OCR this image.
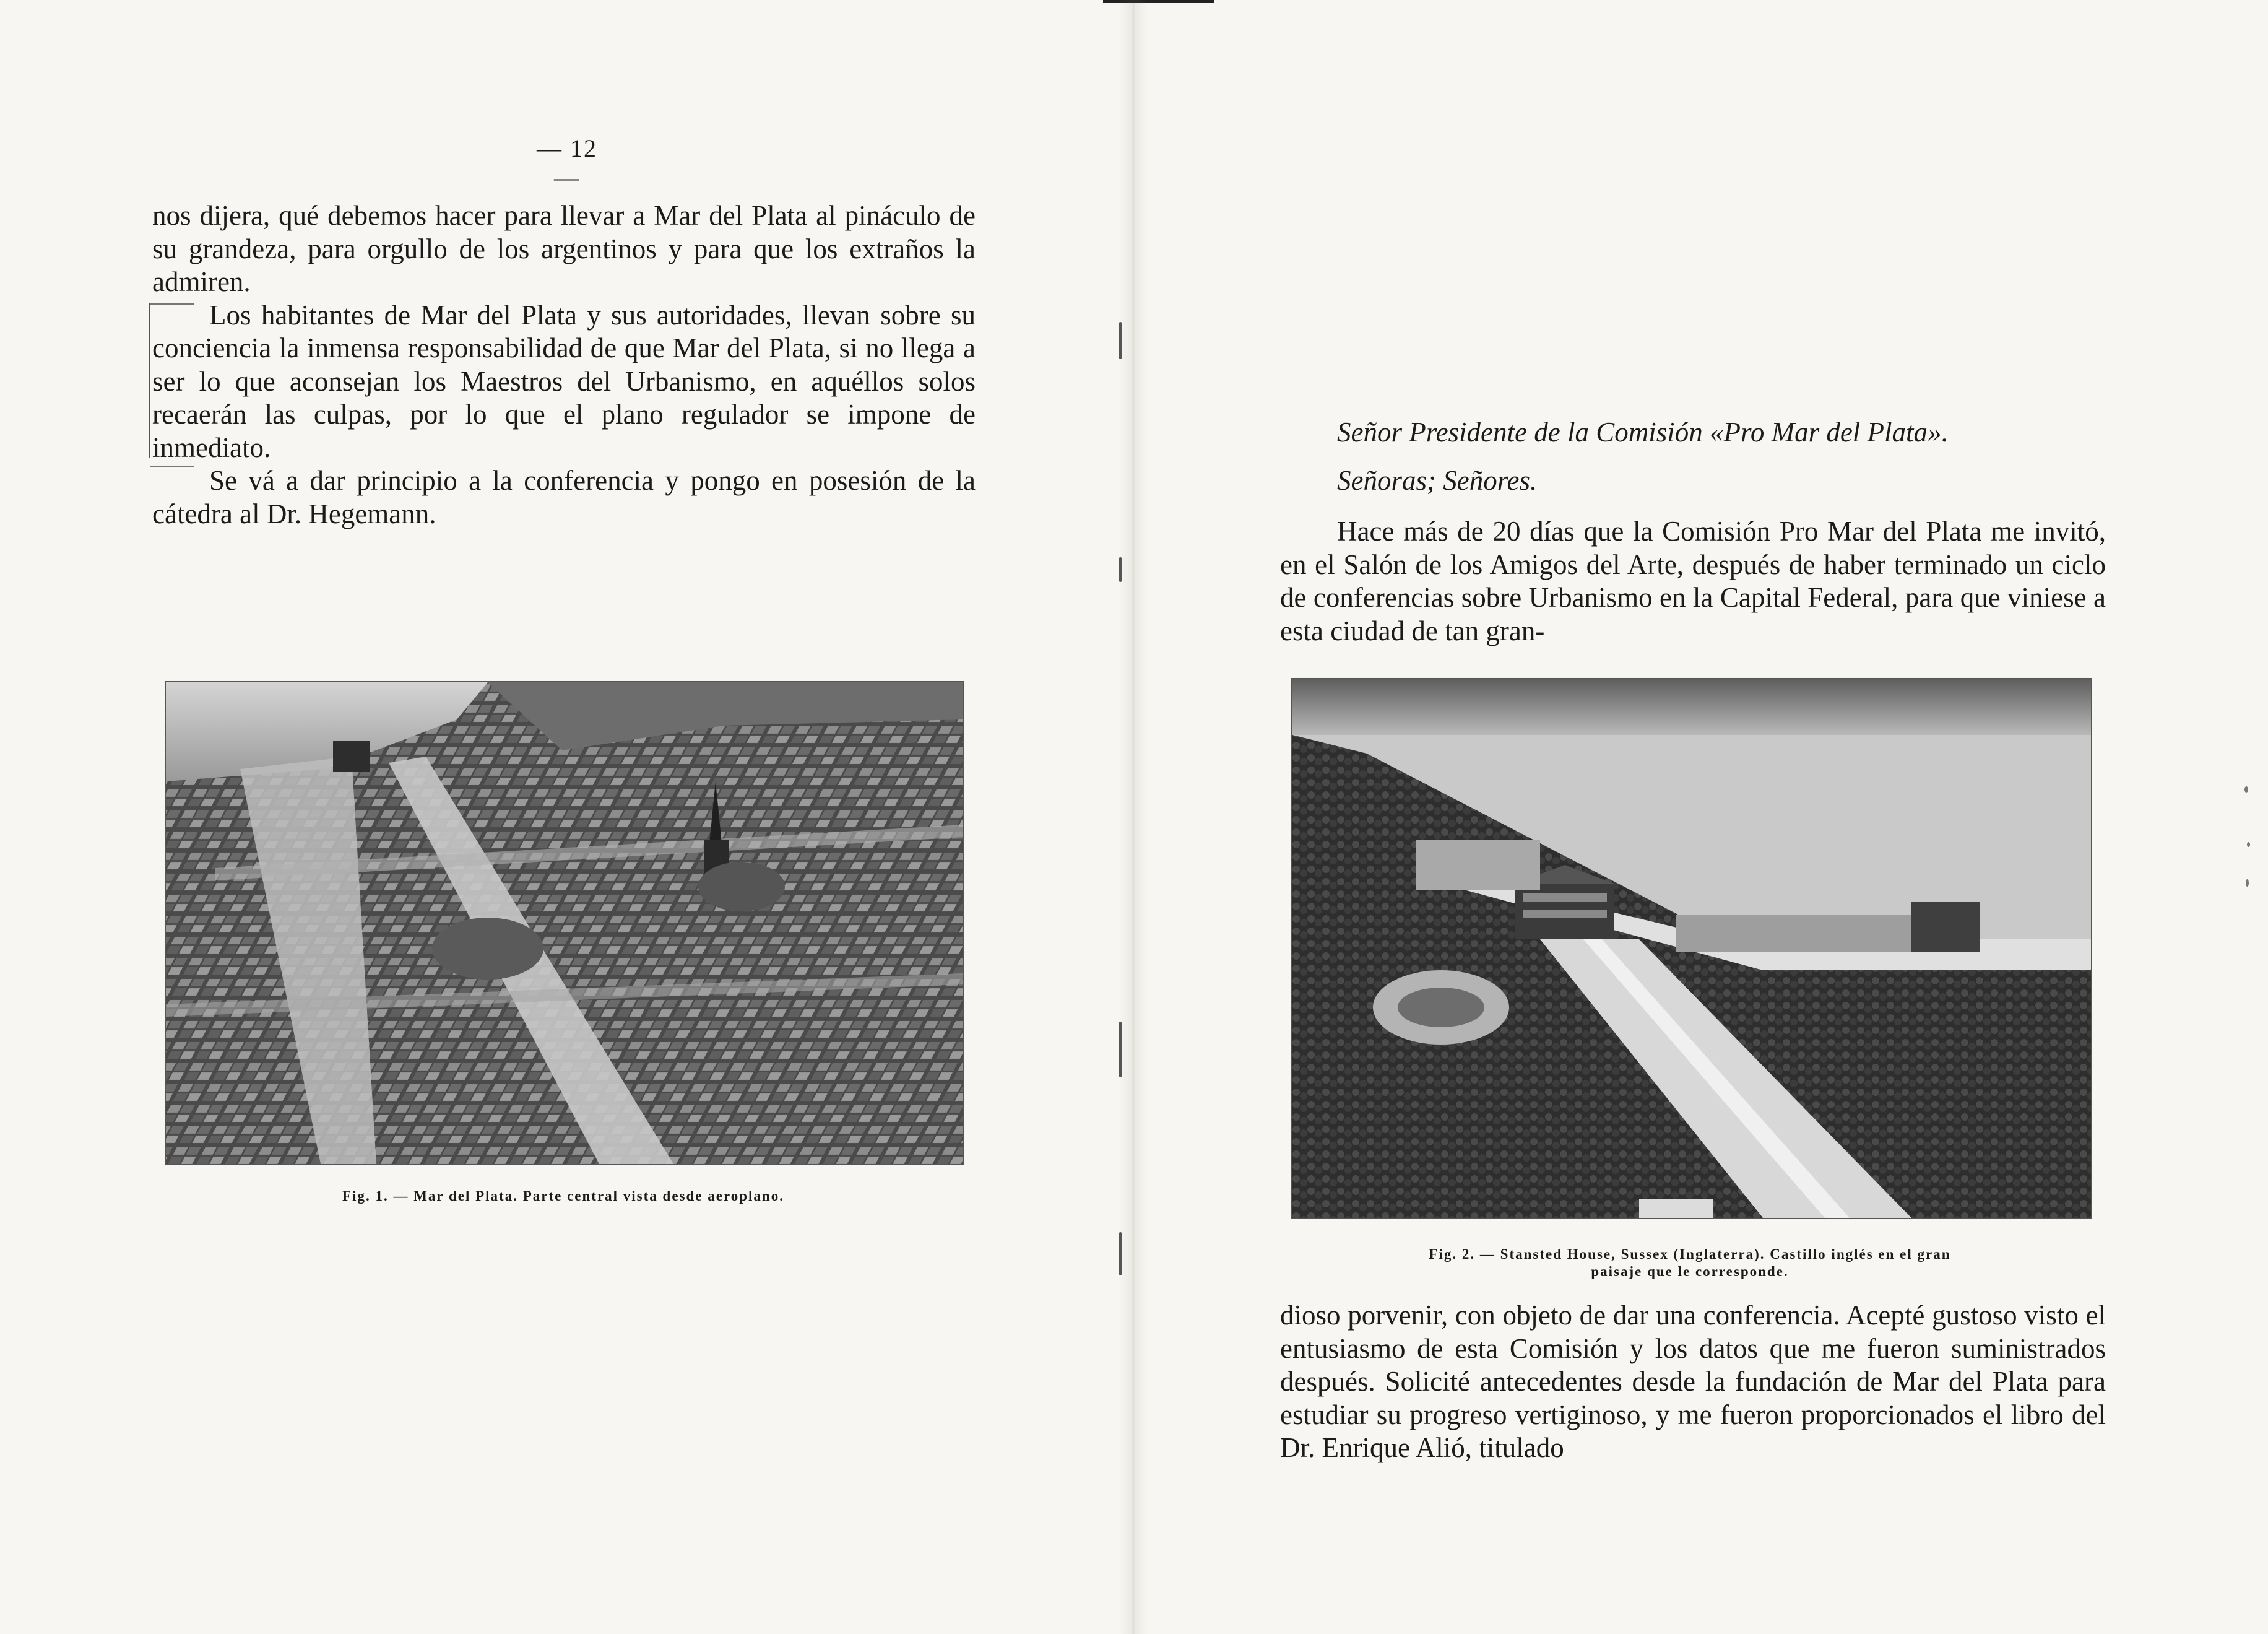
— 12 —

nos dijera, qué debemos hacer para llevar a Mar del Plata al pináculo de su grandeza, para orgullo de los argentinos y para que los extraños la admiren.

Los habitantes de Mar del Plata y sus autoridades, llevan sobre su conciencia la inmensa responsabilidad de que Mar del Plata, si no llega a ser lo que aconsejan los Maestros del Urbanismo, en aquéllos solos recaerán las culpas, por lo que el plano regulador se impone de inmediato.

Se vá a dar principio a la conferencia y pongo en posesión de la cátedra al Dr. Hegemann.

Fig. 1. — Mar del Plata. Parte central vista desde aeroplano.
Señor Presidente de la Comisión «Pro Mar del Plata».
Señoras; Señores.

Hace más de 20 días que la Comisión Pro Mar del Plata me invitó, en el Salón de los Amigos del Arte, después de haber terminado un ciclo de conferencias sobre Urbanismo en la Capital Federal, para que viniese a esta ciudad de tan gran-

Fig. 2. — Stansted House, Sussex (Inglaterra). Castillo inglés en el gran
paisaje que le corresponde.

dioso porvenir, con objeto de dar una conferencia. Acepté gustoso visto el entusiasmo de esta Comisión y los datos que me fueron suministrados después. Solicité antecedentes desde la fundación de Mar del Plata para estudiar su progreso vertiginoso, y me fueron proporcionados el libro del Dr. Enrique Alió, titulado
